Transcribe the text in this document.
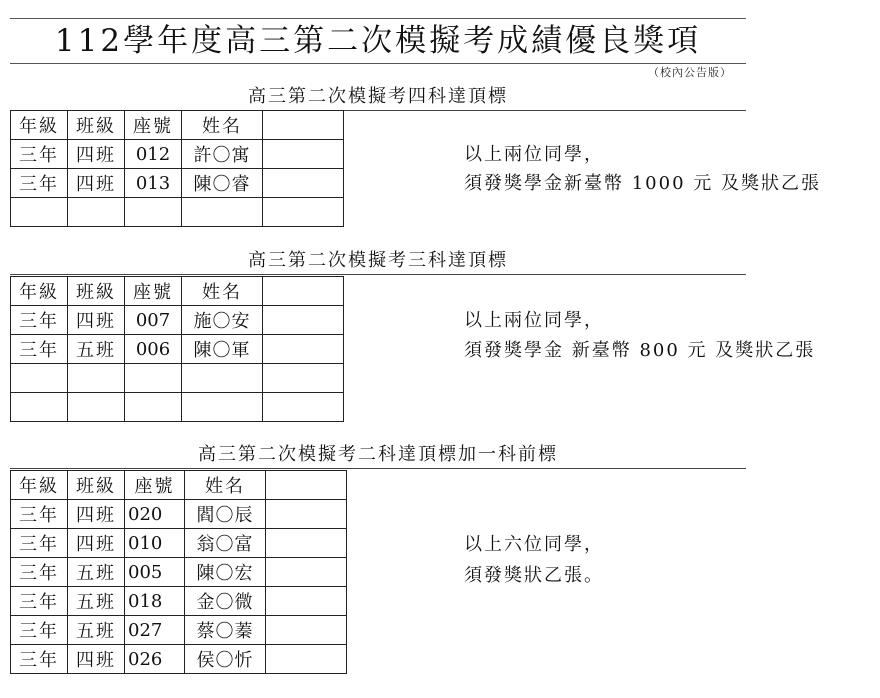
112學年度高三第二次模擬考成績優良獎項
（校內公告版）
高三第二次模擬考四科達頂標
年級	班級	座號	姓名	
三年	四班	012	許〇寓	
三年	四班	013	陳〇睿	

以上兩位同學，
須發獎學金新臺幣 1000 元 及獎狀乙張
高三第二次模擬考三科達頂標
年級	班級	座號	姓名	
三年	四班	007	施〇安	
三年	五班	006	陳〇軍	

以上兩位同學，
須發獎學金 新臺幣 800 元 及獎狀乙張
高三第二次模擬考二科達頂標加一科前標
年級	班級	座號	姓名	
三年	四班	020	閻〇辰	
三年	四班	010	翁〇富	
三年	五班	005	陳〇宏	
三年	五班	018	金〇微	
三年	五班	027	蔡〇蓁	
三年	四班	026	侯〇忻	
以上六位同學，
須發獎狀乙張。
